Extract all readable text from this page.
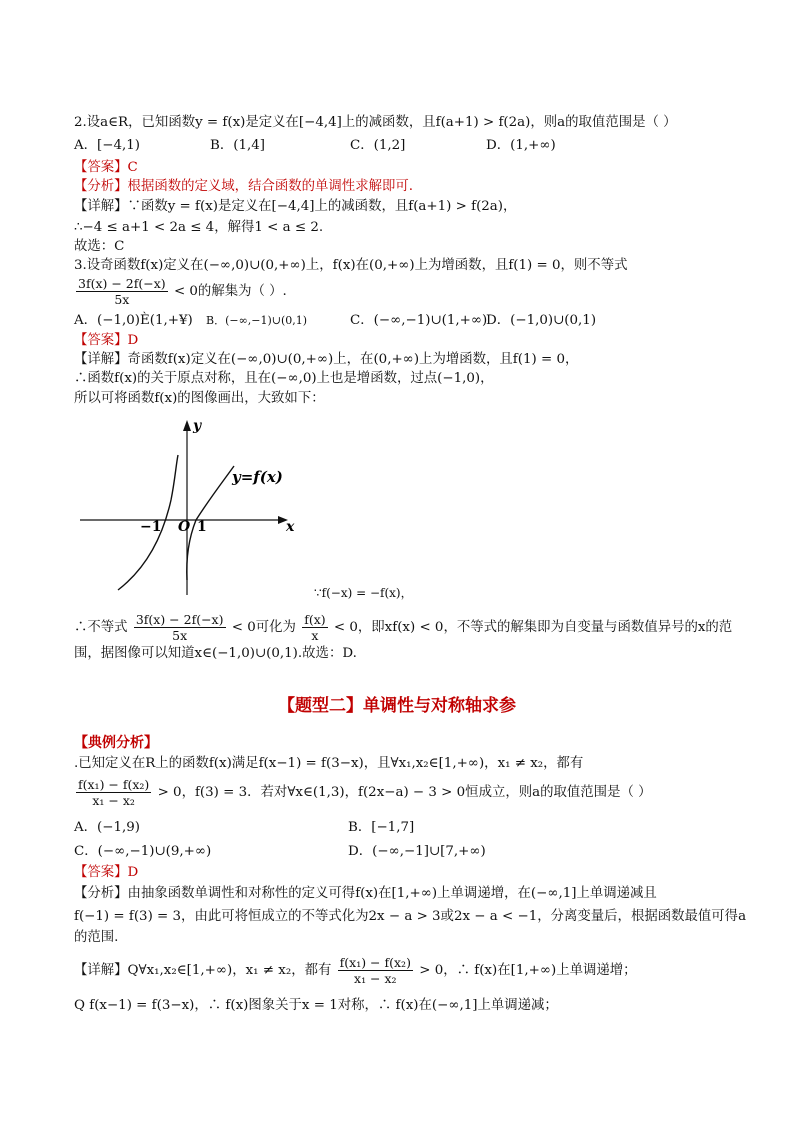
2.设a∈R，已知函数y = f(x)是定义在[−4,4]上的减函数，且f(a+1) > f(2a)，则a的取值范围是（ ）
A．[−4,1)	B．(1,4]	C．(1,2]	D．(1,+∞)
【答案】C
【分析】根据函数的定义域，结合函数的单调性求解即可.
【详解】∵函数y = f(x)是定义在[−4,4]上的减函数，且f(a+1) > f(2a)，
∴−4 ≤ a+1 < 2a ≤ 4，解得1 < a ≤ 2.
故选：C
3.设奇函数f(x)定义在(−∞,0)∪(0,+∞)上，f(x)在(0,+∞)上为增函数，且f(1) = 0，则不等式
$\frac{3f(x) - 2f(-x)}{5x} < 0$的解集为（ ）.
A．(−1,0)È(1,+¥) B．(−∞,−1)∪(0,1)	C．(−∞,−1)∪(1,+∞)
D．(−1,0)∪(0,1)
【答案】D
【详解】奇函数f(x)定义在(−∞,0)∪(0,+∞)上，在(0,+∞)上为增函数，且f(1) = 0，
∴函数f(x)的关于原点对称，且在(−∞,0)上也是增函数，过点(−1,0)，
所以可将函数f(x)的图像画出，大致如下：
y
x
O
−1	1
y=f(x)
∵f(−x) = −f(x)，
∴不等式 $\frac{3f(x) - 2f(-x)}{5x} < 0$可化为 $\frac{f(x)}{x} < 0$，即xf(x) < 0，不等式的解集即为自变量与函数值异号的x的范
围，据图像可以知道x∈(−1,0)∪(0,1).故选：D.
【题型二】单调性与对称轴求参
【典例分析】
.已知定义在R上的函数f(x)满足f(x−1) = f(3−x)，且∀x₁,x₂∈[1,+∞)，x₁ ≠ x₂，都有
$\frac{\text{f(x₁) − f(x₂)}}{\text{x₁ − x₂}} > 0$，f(3) = 3．若对∀x∈(1,3)，f(2x−a) − 3 > 0恒成立，则a的取值范围是（ ）
A．(−1,9)	B．[−1,7]
C．(−∞,−1)∪(9,+∞)	D．(−∞,−1]∪[7,+∞)
【答案】D
【分析】由抽象函数单调性和对称性的定义可得f(x)在[1,+∞)上单调递增，在(−∞,1]上单调递减且
f(−1) = f(3) = 3，由此可将恒成立的不等式化为2x − a > 3或2x − a < −1，分离变量后，根据函数最值可得a
的范围.
【详解】Q∀x₁,x₂∈[1,+∞)，x₁ ≠ x₂，都有 $\frac{\text{f(x₁) − f(x₂)}}{\text{x₁ − x₂}} > 0$，∴ f(x)在[1,+∞)上单调递增；
Q f(x−1) = f(3−x)，∴ f(x)图象关于x = 1对称，∴ f(x)在(−∞,1]上单调递减；
